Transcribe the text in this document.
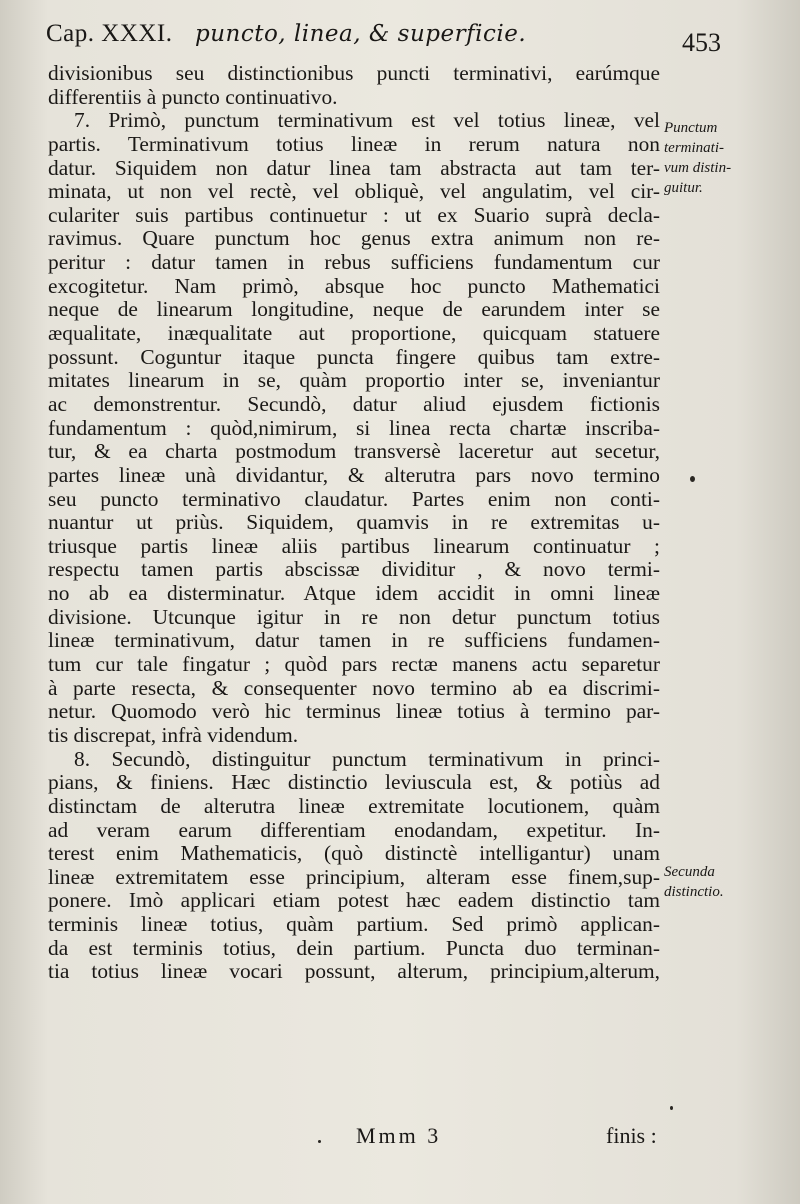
Cap. XXXI. puncto, linea, & superficie.	453
divisionibus seu distinctionibus puncti terminativi, earúmque
differentiis à puncto continuativo.
7. Primò, punctum terminativum est vel totius lineæ, vel
partis. Terminativum totius lineæ in rerum natura non
datur. Siquidem non datur linea tam abstracta aut tam ter-
minata, ut non vel rectè, vel obliquè, vel angulatim, vel cir-
culariter suis partibus continuetur : ut ex Suario suprà decla-
ravimus. Quare punctum hoc genus extra animum non re-
peritur : datur tamen in rebus sufficiens fundamentum cur
excogitetur. Nam primò, absque hoc puncto Mathematici
neque de linearum longitudine, neque de earundem inter se
æqualitate, inæqualitate aut proportione, quicquam statuere
possunt. Coguntur itaque puncta fingere quibus tam extre-
mitates linearum in se, quàm proportio inter se, inveniantur
ac demonstrentur. Secundò, datur aliud ejusdem fictionis
fundamentum : quòd,nimirum, si linea recta chartæ inscriba-
tur, & ea charta postmodum transversè laceretur aut secetur,
partes lineæ unà dividantur, & alterutra pars novo termino
seu puncto terminativo claudatur. Partes enim non conti-
nuantur ut priùs. Siquidem, quamvis in re extremitas u-
triusque partis lineæ aliis partibus linearum continuatur ;
respectu tamen partis abscissæ dividitur , & novo termi-
no ab ea disterminatur. Atque idem accidit in omni lineæ
divisione. Utcunque igitur in re non detur punctum totius
lineæ terminativum, datur tamen in re sufficiens fundamen-
tum cur tale fingatur ; quòd pars rectæ manens actu separetur
à parte resecta, & consequenter novo termino ab ea discrimi-
netur. Quomodo verò hic terminus lineæ totius à termino par-
tis discrepat, infrà videndum.
8. Secundò, distinguitur punctum terminativum in princi-
pians, & finiens. Hæc distinctio leviuscula est, & potiùs ad
distinctam de alterutra lineæ extremitate locutionem, quàm
ad veram earum differentiam enodandam, expetitur. In-
terest enim Mathematicis, (quò distinctè intelligantur) unam
lineæ extremitatem esse principium, alteram esse finem,sup-
ponere. Imò applicari etiam potest hæc eadem distinctio tam
terminis lineæ totius, quàm partium. Sed primò applican-
da est terminis totius, dein partium. Puncta duo terminan-
tia totius lineæ vocari possunt, alterum, principium,alterum,
Punctum
terminati-
vum distin-
guitur.
Secunda
distinctio.
Mmm 3	finis :
